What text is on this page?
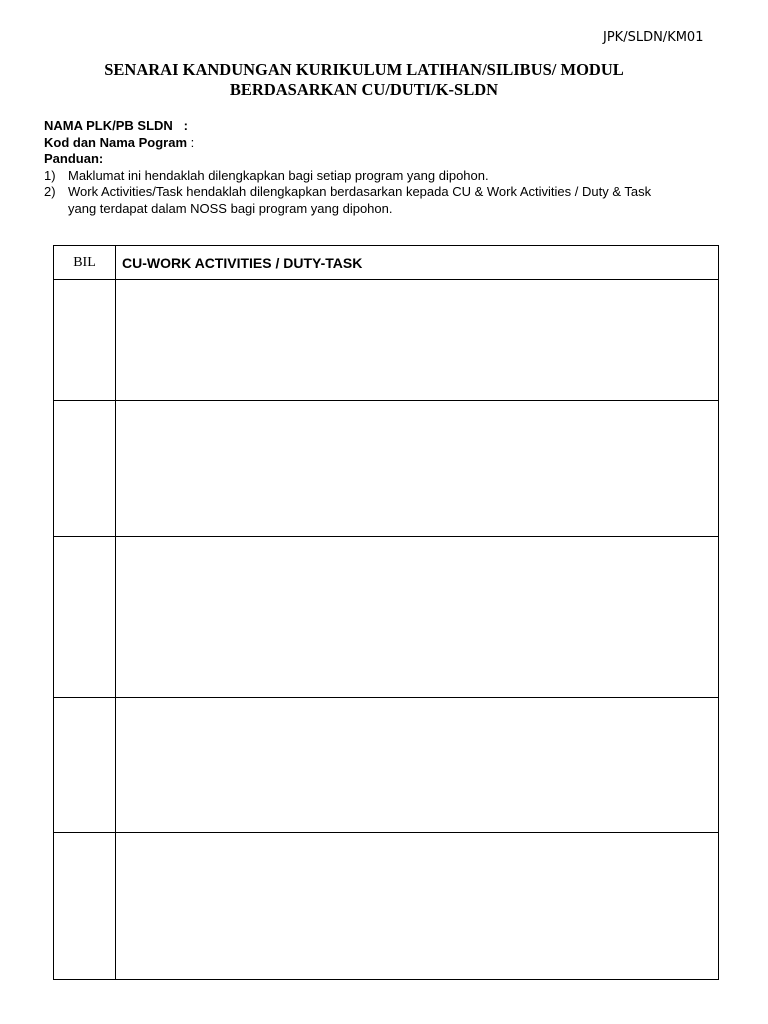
JPK/SLDN/KM01
SENARAI KANDUNGAN KURIKULUM LATIHAN/SILIBUS/ MODUL
BERDASARKAN CU/DUTI/K-SLDN
NAMA PLK/PB SLDN   :
Kod dan Nama Pogram :
Panduan:
1) Maklumat ini hendaklah dilengkapkan bagi setiap program yang dipohon.
2) Work Activities/Task hendaklah dilengkapkan berdasarkan kepada CU & Work Activities / Duty & Task
yang terdapat dalam NOSS bagi program yang dipohon.
BIL	CU-WORK ACTIVITIES / DUTY-TASK
